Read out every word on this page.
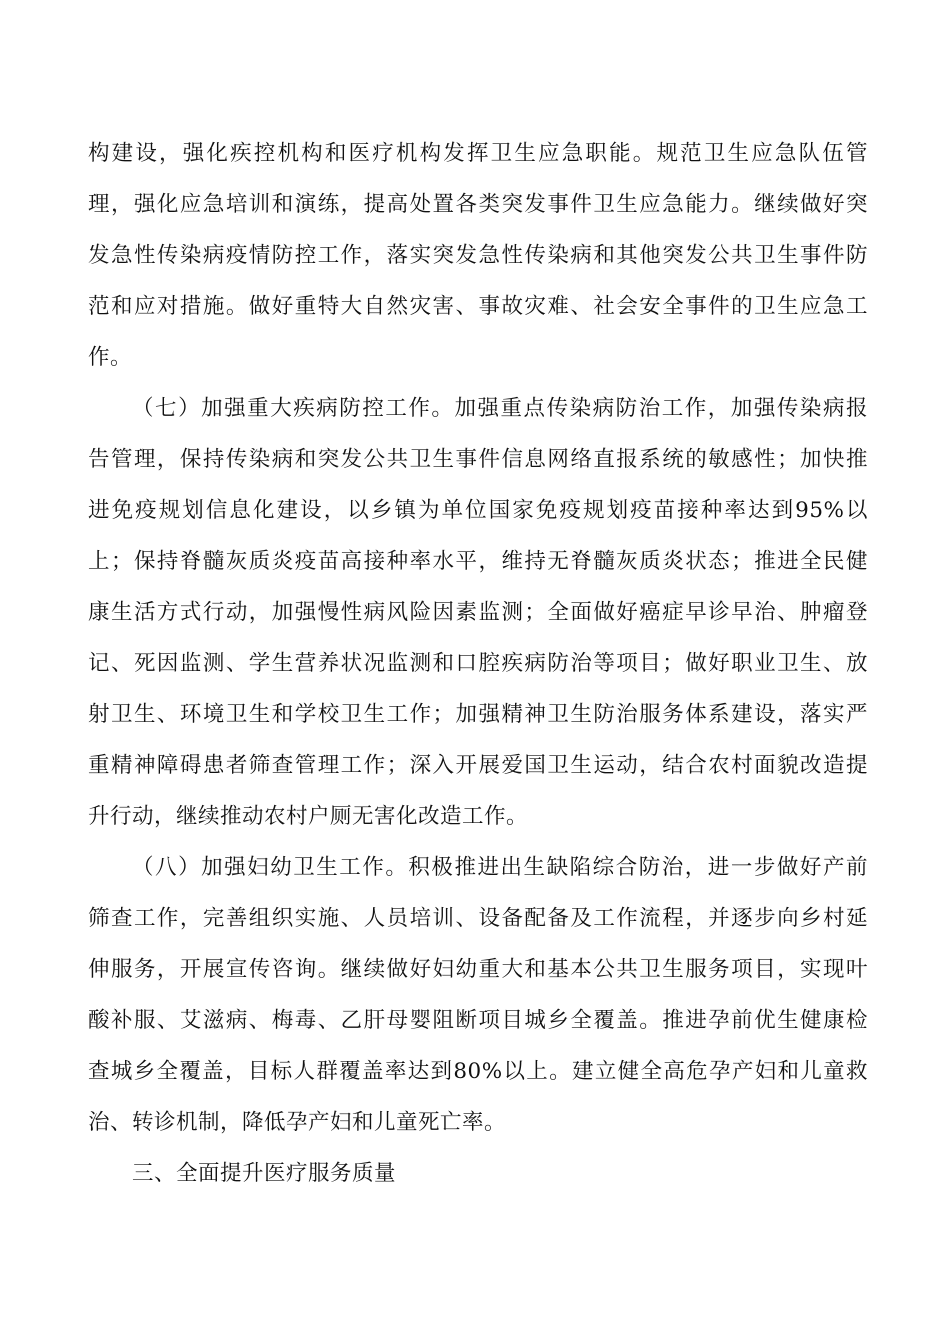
构建设，强化疾控机构和医疗机构发挥卫生应急职能。规范卫生应急队伍管
理，强化应急培训和演练，提高处置各类突发事件卫生应急能力。继续做好突
发急性传染病疫情防控工作，落实突发急性传染病和其他突发公共卫生事件防
范和应对措施。做好重特大自然灾害、事故灾难、社会安全事件的卫生应急工
作。
（七）加强重大疾病防控工作。加强重点传染病防治工作，加强传染病报
告管理，保持传染病和突发公共卫生事件信息网络直报系统的敏感性；加快推
进免疫规划信息化建设，以乡镇为单位国家免疫规划疫苗接种率达到95%以
上；保持脊髓灰质炎疫苗高接种率水平，维持无脊髓灰质炎状态；推进全民健
康生活方式行动，加强慢性病风险因素监测；全面做好癌症早诊早治、肿瘤登
记、死因监测、学生营养状况监测和口腔疾病防治等项目；做好职业卫生、放
射卫生、环境卫生和学校卫生工作；加强精神卫生防治服务体系建设，落实严
重精神障碍患者筛查管理工作；深入开展爱国卫生运动，结合农村面貌改造提
升行动，继续推动农村户厕无害化改造工作。
（八）加强妇幼卫生工作。积极推进出生缺陷综合防治，进一步做好产前
筛查工作，完善组织实施、人员培训、设备配备及工作流程，并逐步向乡村延
伸服务，开展宣传咨询。继续做好妇幼重大和基本公共卫生服务项目，实现叶
酸补服、艾滋病、梅毒、乙肝母婴阻断项目城乡全覆盖。推进孕前优生健康检
查城乡全覆盖，目标人群覆盖率达到80%以上。建立健全高危孕产妇和儿童救
治、转诊机制，降低孕产妇和儿童死亡率。
三、全面提升医疗服务质量
